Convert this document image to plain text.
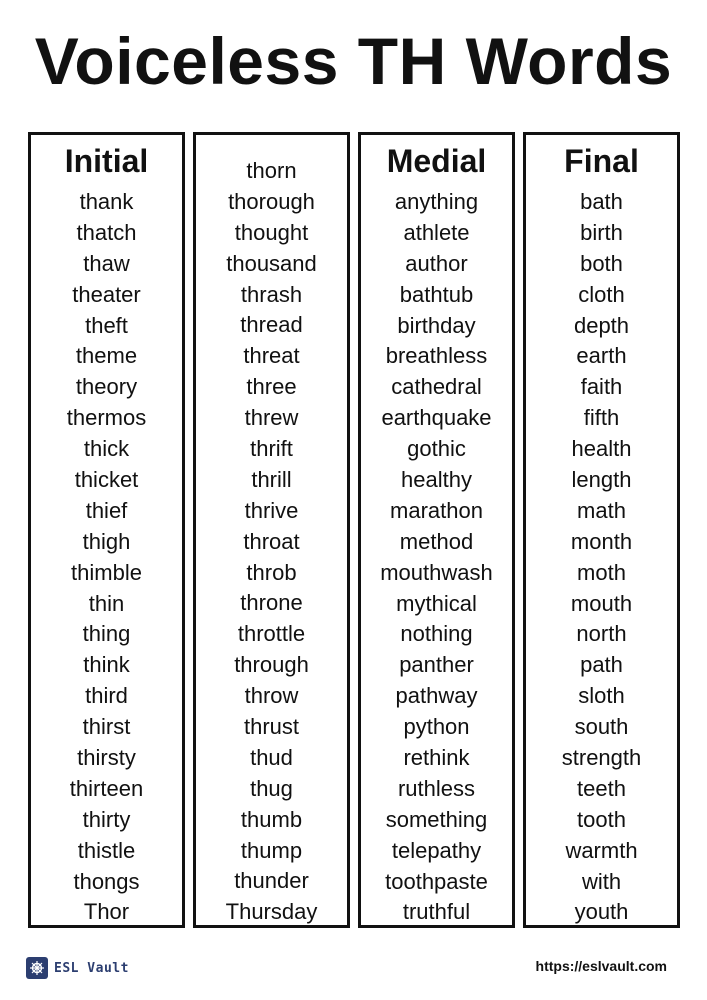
Voiceless TH Words
Initial
thank
thatch
thaw
theater
theft
theme
theory
thermos
thick
thicket
thief
thigh
thimble
thin
thing
think
third
thirst
thirsty
thirteen
thirty
thistle
thongs
Thor
thorn
thorough
thought
thousand
thrash
thread
threat
three
threw
thrift
thrill
thrive
throat
throb
throne
throttle
through
throw
thrust
thud
thug
thumb
thump
thunder
Thursday
Medial
anything
athlete
author
bathtub
birthday
breathless
cathedral
earthquake
gothic
healthy
marathon
method
mouthwash
mythical
nothing
panther
pathway
python
rethink
ruthless
something
telepathy
toothpaste
truthful
Final
bath
birth
both
cloth
depth
earth
faith
fifth
health
length
math
month
moth
mouth
north
path
sloth
south
strength
teeth
tooth
warmth
with
youth
ESL Vault	https://eslvault.com
